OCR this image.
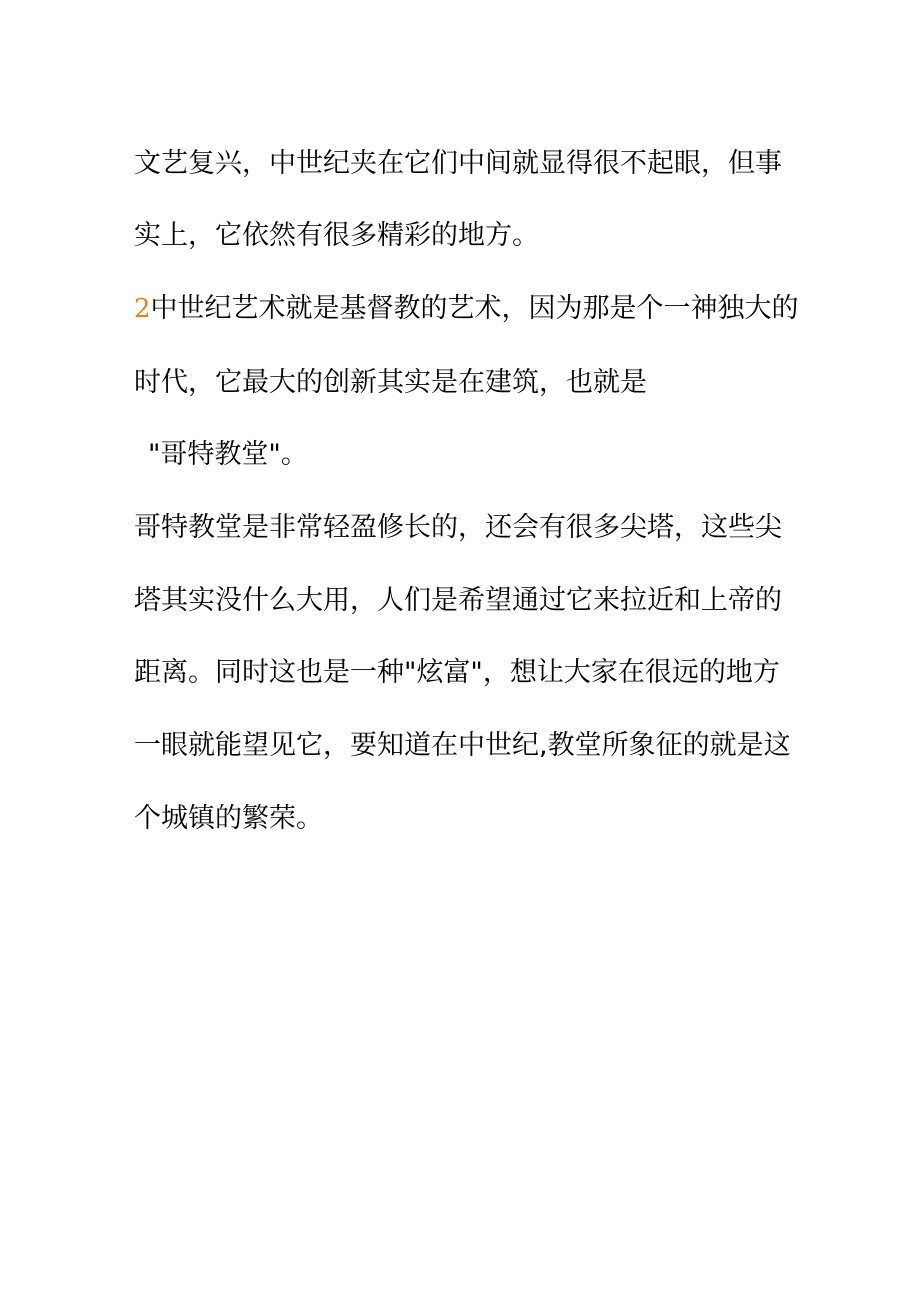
文艺复兴，中世纪夹在它们中间就显得很不起眼，但事
实上，它依然有很多精彩的地方。
2中世纪艺术就是基督教的艺术，因为那是个一神独大的
时代，它最大的创新其实是在建筑，也就是
"哥特教堂"。
哥特教堂是非常轻盈修长的，还会有很多尖塔，这些尖
塔其实没什么大用，人们是希望通过它来拉近和上帝的
距离。同时这也是一种"炫富"，想让大家在很远的地方
一眼就能望见它，要知道在中世纪,教堂所象征的就是这
个城镇的繁荣。
